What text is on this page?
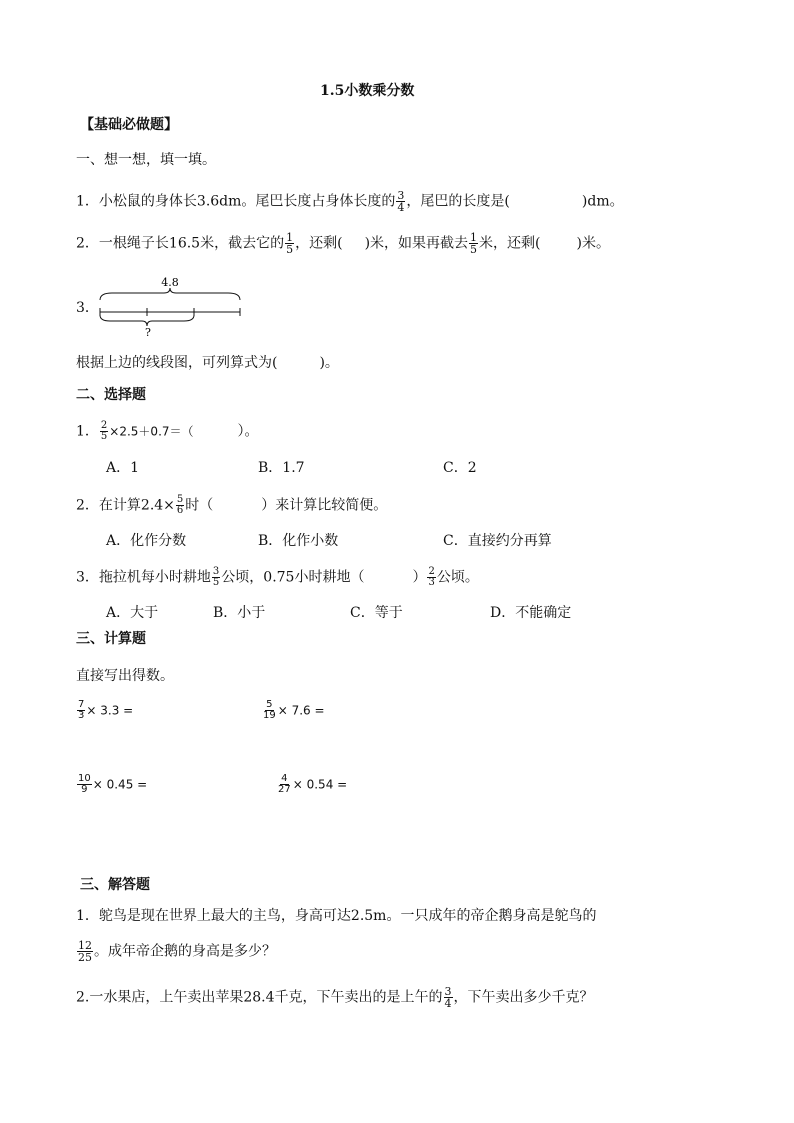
1.5小数乘分数
【基础必做题】
一、想一想，填一填。
1．小松鼠的身体长3.6dm。尾巴长度占身体长度的 $\frac{3}{4}$ ，尾巴的长度是(	)dm。
2．一根绳子长16.5米，截去它的 $\frac{1}{5}$ ，还剩( )米，如果再截去 $\frac{1}{5}$ 米，还剩(	)米。
3．
4.8
?
根据上边的线段图，可列算式为(　　　)。
二、选择题
1． $\frac{2}{5} \times 2.5+0.7=$（	）。
A．1	B．1.7	C．2
2．在计算$2.4\times \frac{5}{6}$ 时（	）来计算比较简便。
A．化作分数	B．化作小数	C．直接约分再算
3．拖拉机每小时耕地 $\frac{3}{5}$ 公顷，0.75小时耕地（	） $\frac{2}{3}$ 公顷。
A．大于	B．小于	C．等于	D．不能确定
三、计算题
直接写出得数。
$\frac{7}{3} \times 3.3$ =	$\frac{5}{19} \times 7.6$ =
$\frac{10}{9} \times 0.45$ =	$\frac{4}{27} \times 0.54$ =
三、解答题
1．鸵鸟是现在世界上最大的主鸟，身高可达2.5m。一只成年的帝企鹅身高是鸵鸟的
$\frac{12}{25}$ 。成年帝企鹅的身高是多少？
2.一水果店，上午卖出苹果28.4千克，下午卖出的是上午的 $\frac{3}{4}$ ，下午卖出多少千克？
